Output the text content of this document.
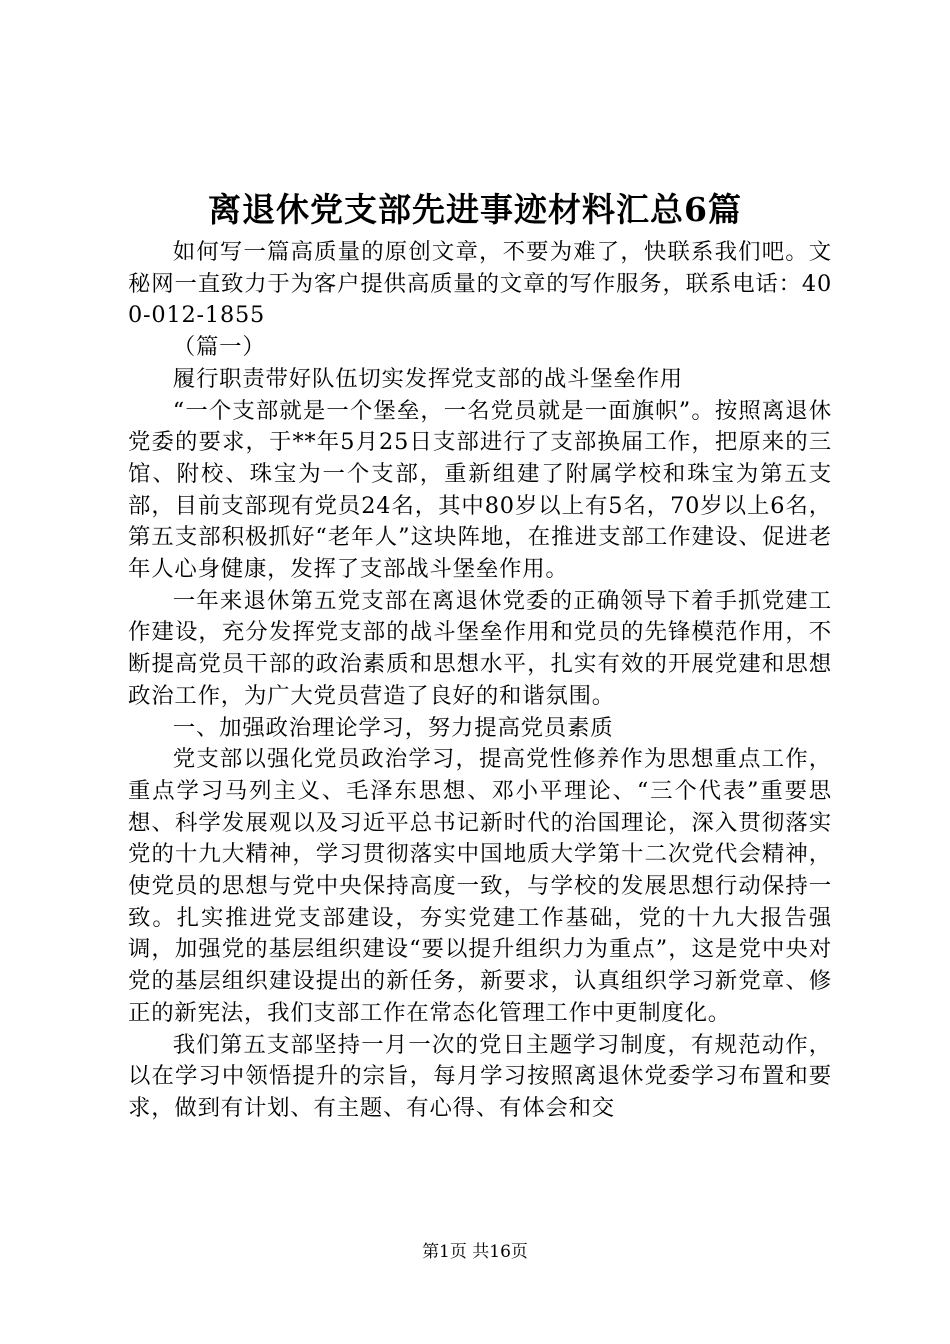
离退休党支部先进事迹材料汇总6篇

如何写一篇高质量的原创文章，不要为难了，快联系我们吧。文秘网一直致力于为客户提供高质量的文章的写作服务，联系电话：400-012-1855

（篇一）

履行职责带好队伍切实发挥党支部的战斗堡垒作用

“一个支部就是一个堡垒，一名党员就是一面旗帜”。按照离退休党委的要求，于**年5月25日支部进行了支部换届工作，把原来的三馆、附校、珠宝为一个支部，重新组建了附属学校和珠宝为第五支部，目前支部现有党员24名，其中80岁以上有5名，70岁以上6名，第五支部积极抓好“老年人”这块阵地，在推进支部工作建设、促进老年人心身健康，发挥了支部战斗堡垒作用。

一年来退休第五党支部在离退休党委的正确领导下着手抓党建工作建设，充分发挥党支部的战斗堡垒作用和党员的先锋模范作用，不断提高党员干部的政治素质和思想水平，扎实有效的开展党建和思想政治工作，为广大党员营造了良好的和谐氛围。

一、加强政治理论学习，努力提高党员素质

党支部以强化党员政治学习，提高党性修养作为思想重点工作，重点学习马列主义、毛泽东思想、邓小平理论、“三个代表”重要思想、科学发展观以及习近平总书记新时代的治国理论，深入贯彻落实党的十九大精神，学习贯彻落实中国地质大学第十二次党代会精神，使党员的思想与党中央保持高度一致，与学校的发展思想行动保持一致。扎实推进党支部建设，夯实党建工作基础，党的十九大报告强调，加强党的基层组织建设“要以提升组织力为重点”，这是党中央对党的基层组织建设提出的新任务，新要求，认真组织学习新党章、修正的新宪法，我们支部工作在常态化管理工作中更制度化。

我们第五支部坚持一月一次的党日主题学习制度，有规范动作，以在学习中领悟提升的宗旨，每月学习按照离退休党委学习布置和要求，做到有计划、有主题、有心得、有体会和交

第1页 共16页
